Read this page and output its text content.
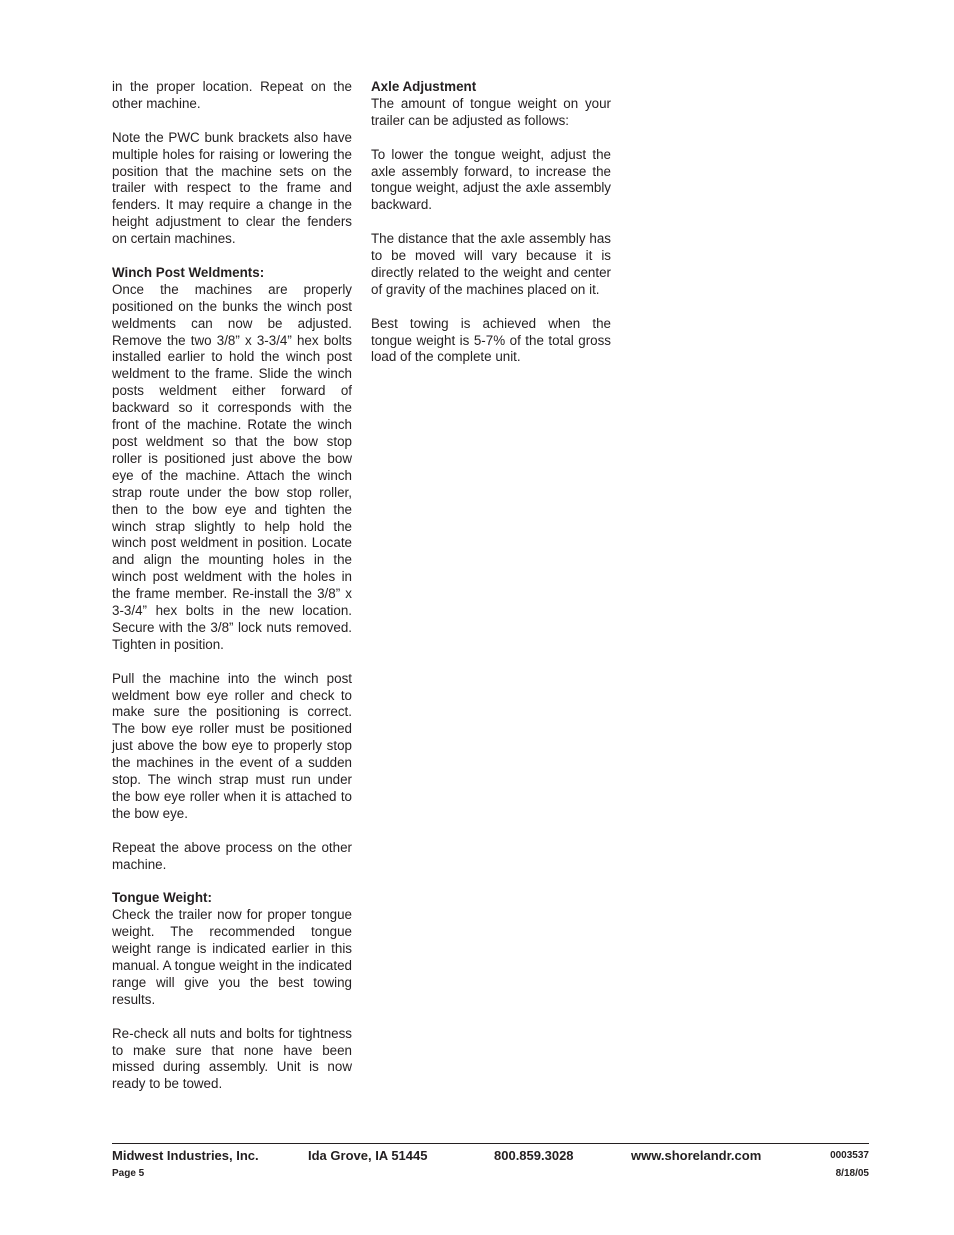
in the proper location. Repeat on the other machine.

Note the PWC bunk brackets also have multiple holes for raising or lowering the position that the machine sets on the trailer with respect to the frame and fenders. It may require a change in the height adjustment to clear the fenders on certain machines.

Winch Post Weldments:

Once the machines are properly positioned on the bunks the winch post weldments can now be adjusted. Remove the two 3/8” x 3-3/4” hex bolts installed earlier to hold the winch post weldment to the frame. Slide the winch posts weldment either forward of backward so it corresponds with the front of the machine. Rotate the winch post weldment so that the bow stop roller is positioned just above the bow eye of the machine. Attach the winch strap route under the bow stop roller, then to the bow eye and tighten the winch strap slightly to help hold the winch post weldment in position. Locate and align the mounting holes in the winch post weldment with the holes in the frame member. Re-install the 3/8” x 3-3/4” hex bolts in the new location. Secure with the 3/8” lock nuts removed. Tighten in position.

Pull the machine into the winch post weldment bow eye roller and check to make sure the positioning is correct. The bow eye roller must be positioned just above the bow eye to properly stop the machines in the event of a sudden stop. The winch strap must run under the bow eye roller when it is attached to the bow eye.

Repeat the above process on the other machine.

Tongue Weight:

Check the trailer now for proper tongue weight. The recommended tongue weight range is indicated earlier in this manual. A tongue weight in the indicated range will give you the best towing results.

Re-check all nuts and bolts for tightness to make sure that none have been missed during assembly. Unit is now ready to be towed.

Axle Adjustment

The amount of tongue weight on your trailer can be adjusted as follows:

To lower the tongue weight, adjust the axle assembly forward, to increase the tongue weight, adjust the axle assembly backward.

The distance that the axle assembly has to be moved will vary because it is directly related to the weight and center of gravity of the machines placed on it.

Best towing is achieved when the tongue weight is 5-7% of the total gross load of the complete unit.

Midwest Industries, Inc.	Ida Grove, IA 51445	800.859.3028	www.shorelandr.com	0003537
Page 5	8/18/05
